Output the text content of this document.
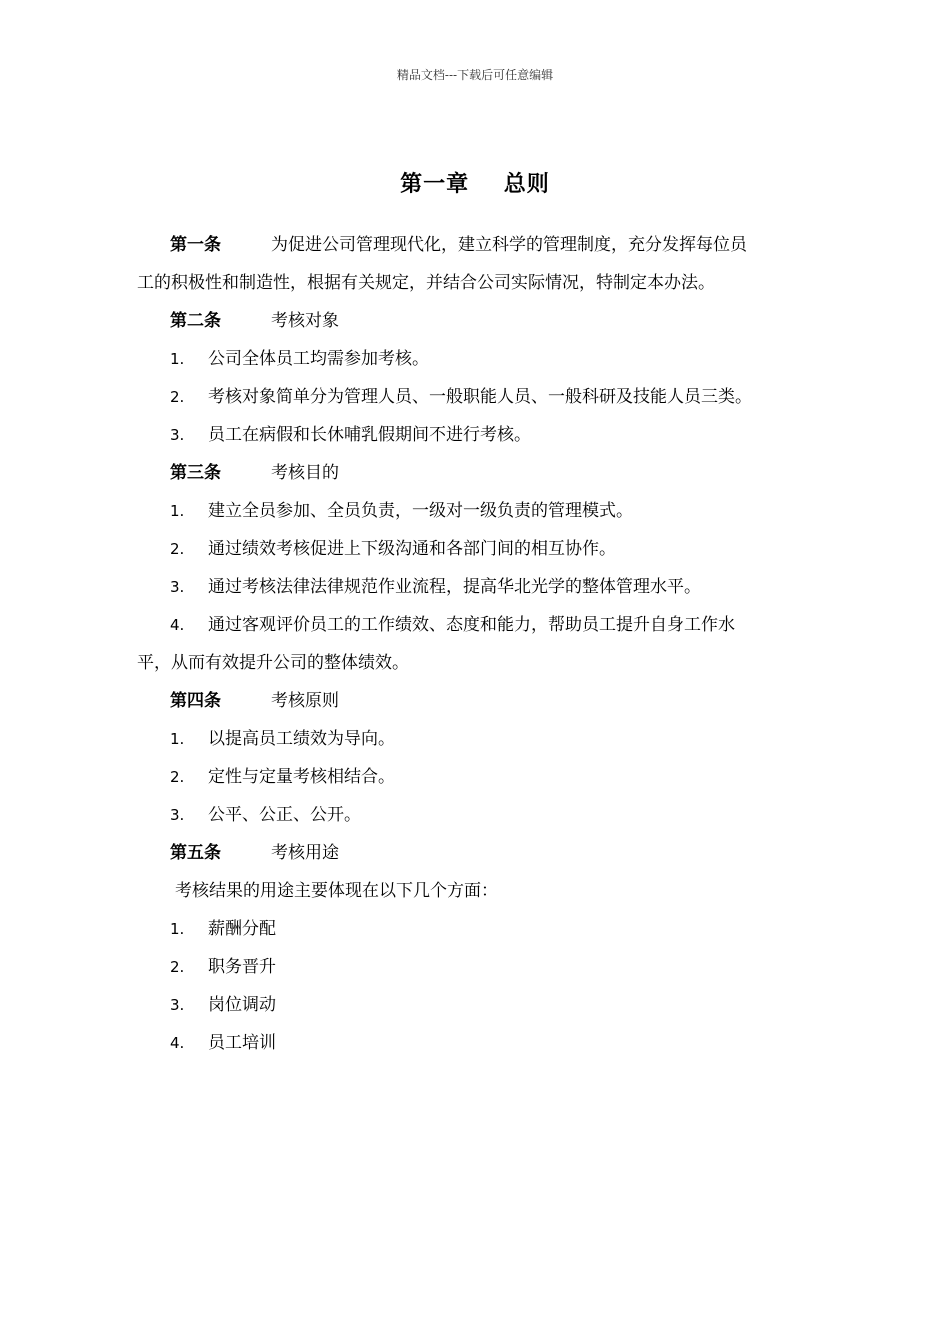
精品文档---下载后可任意编辑
第一章    总则

第一条	为促进公司管理现代化，建立科学的管理制度，充分发挥每位员

工的积极性和制造性，根据有关规定，并结合公司实际情况，特制定本办法。

第二条	考核对象

1. 公司全体员工均需参加考核。

2. 考核对象简单分为管理人员、一般职能人员、一般科研及技能人员三类。

3. 员工在病假和长休哺乳假期间不进行考核。

第三条	考核目的

1. 建立全员参加、全员负责，一级对一级负责的管理模式。

2. 通过绩效考核促进上下级沟通和各部门间的相互协作。

3. 通过考核法律法律规范作业流程，提高华北光学的整体管理水平。

4. 通过客观评价员工的工作绩效、态度和能力，帮助员工提升自身工作水

平，从而有效提升公司的整体绩效。

第四条	考核原则

1. 以提高员工绩效为导向。

2. 定性与定量考核相结合。

3. 公平、公正、公开。

第五条	考核用途

考核结果的用途主要体现在以下几个方面：

1. 薪酬分配

2. 职务晋升

3. 岗位调动

4. 员工培训
